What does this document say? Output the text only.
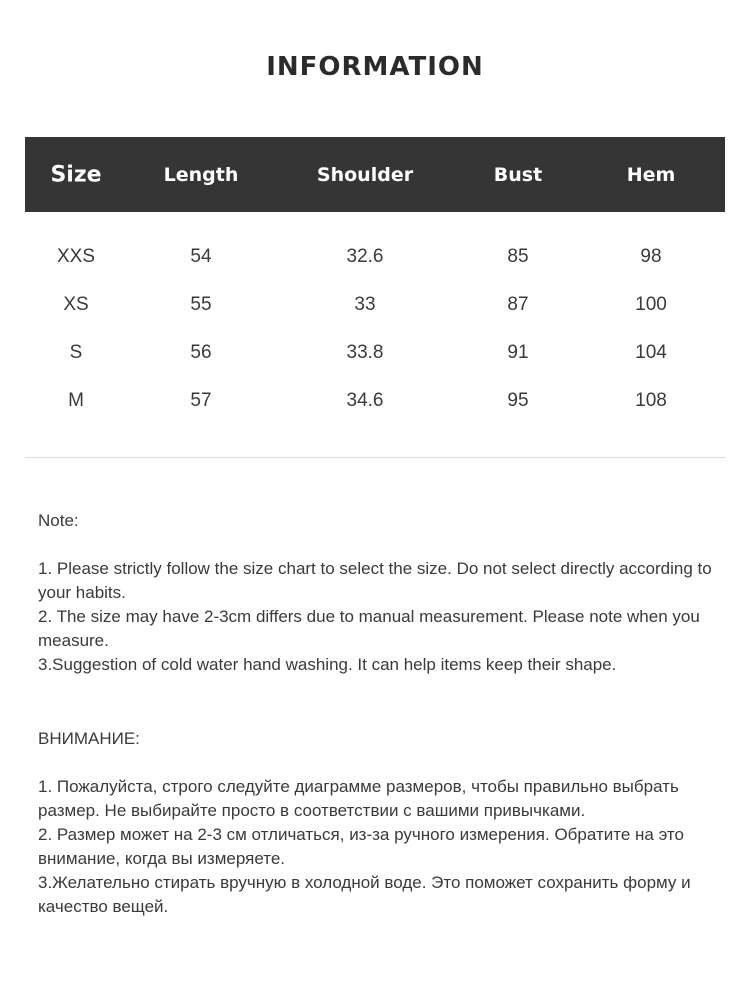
INFORMATION
Size	Length	Shoulder	Bust	Hem
XXS	54	32.6	85	98
XS	55	33	87	100
S	56	33.8	91	104
M	57	34.6	95	108

Note:

1. Please strictly follow the size chart to select the size. Do not select directly according to your habits.

2. The size may have 2-3cm differs due to manual measurement. Please note when you measure.

3.Suggestion of cold water hand washing. It can help items keep their shape.

ВНИМАНИЕ:

1. Пожалуйста, строго следуйте диаграмме размеров, чтобы правильно выбрать размер. Не выбирайте просто в соответствии с вашими привычками.

2. Размер может на 2-3 см отличаться, из-за ручного измерения. Обратите на это внимание, когда вы измеряете.

3.Желательно стирать вручную в холодной воде. Это поможет сохранить форму и качество вещей.
